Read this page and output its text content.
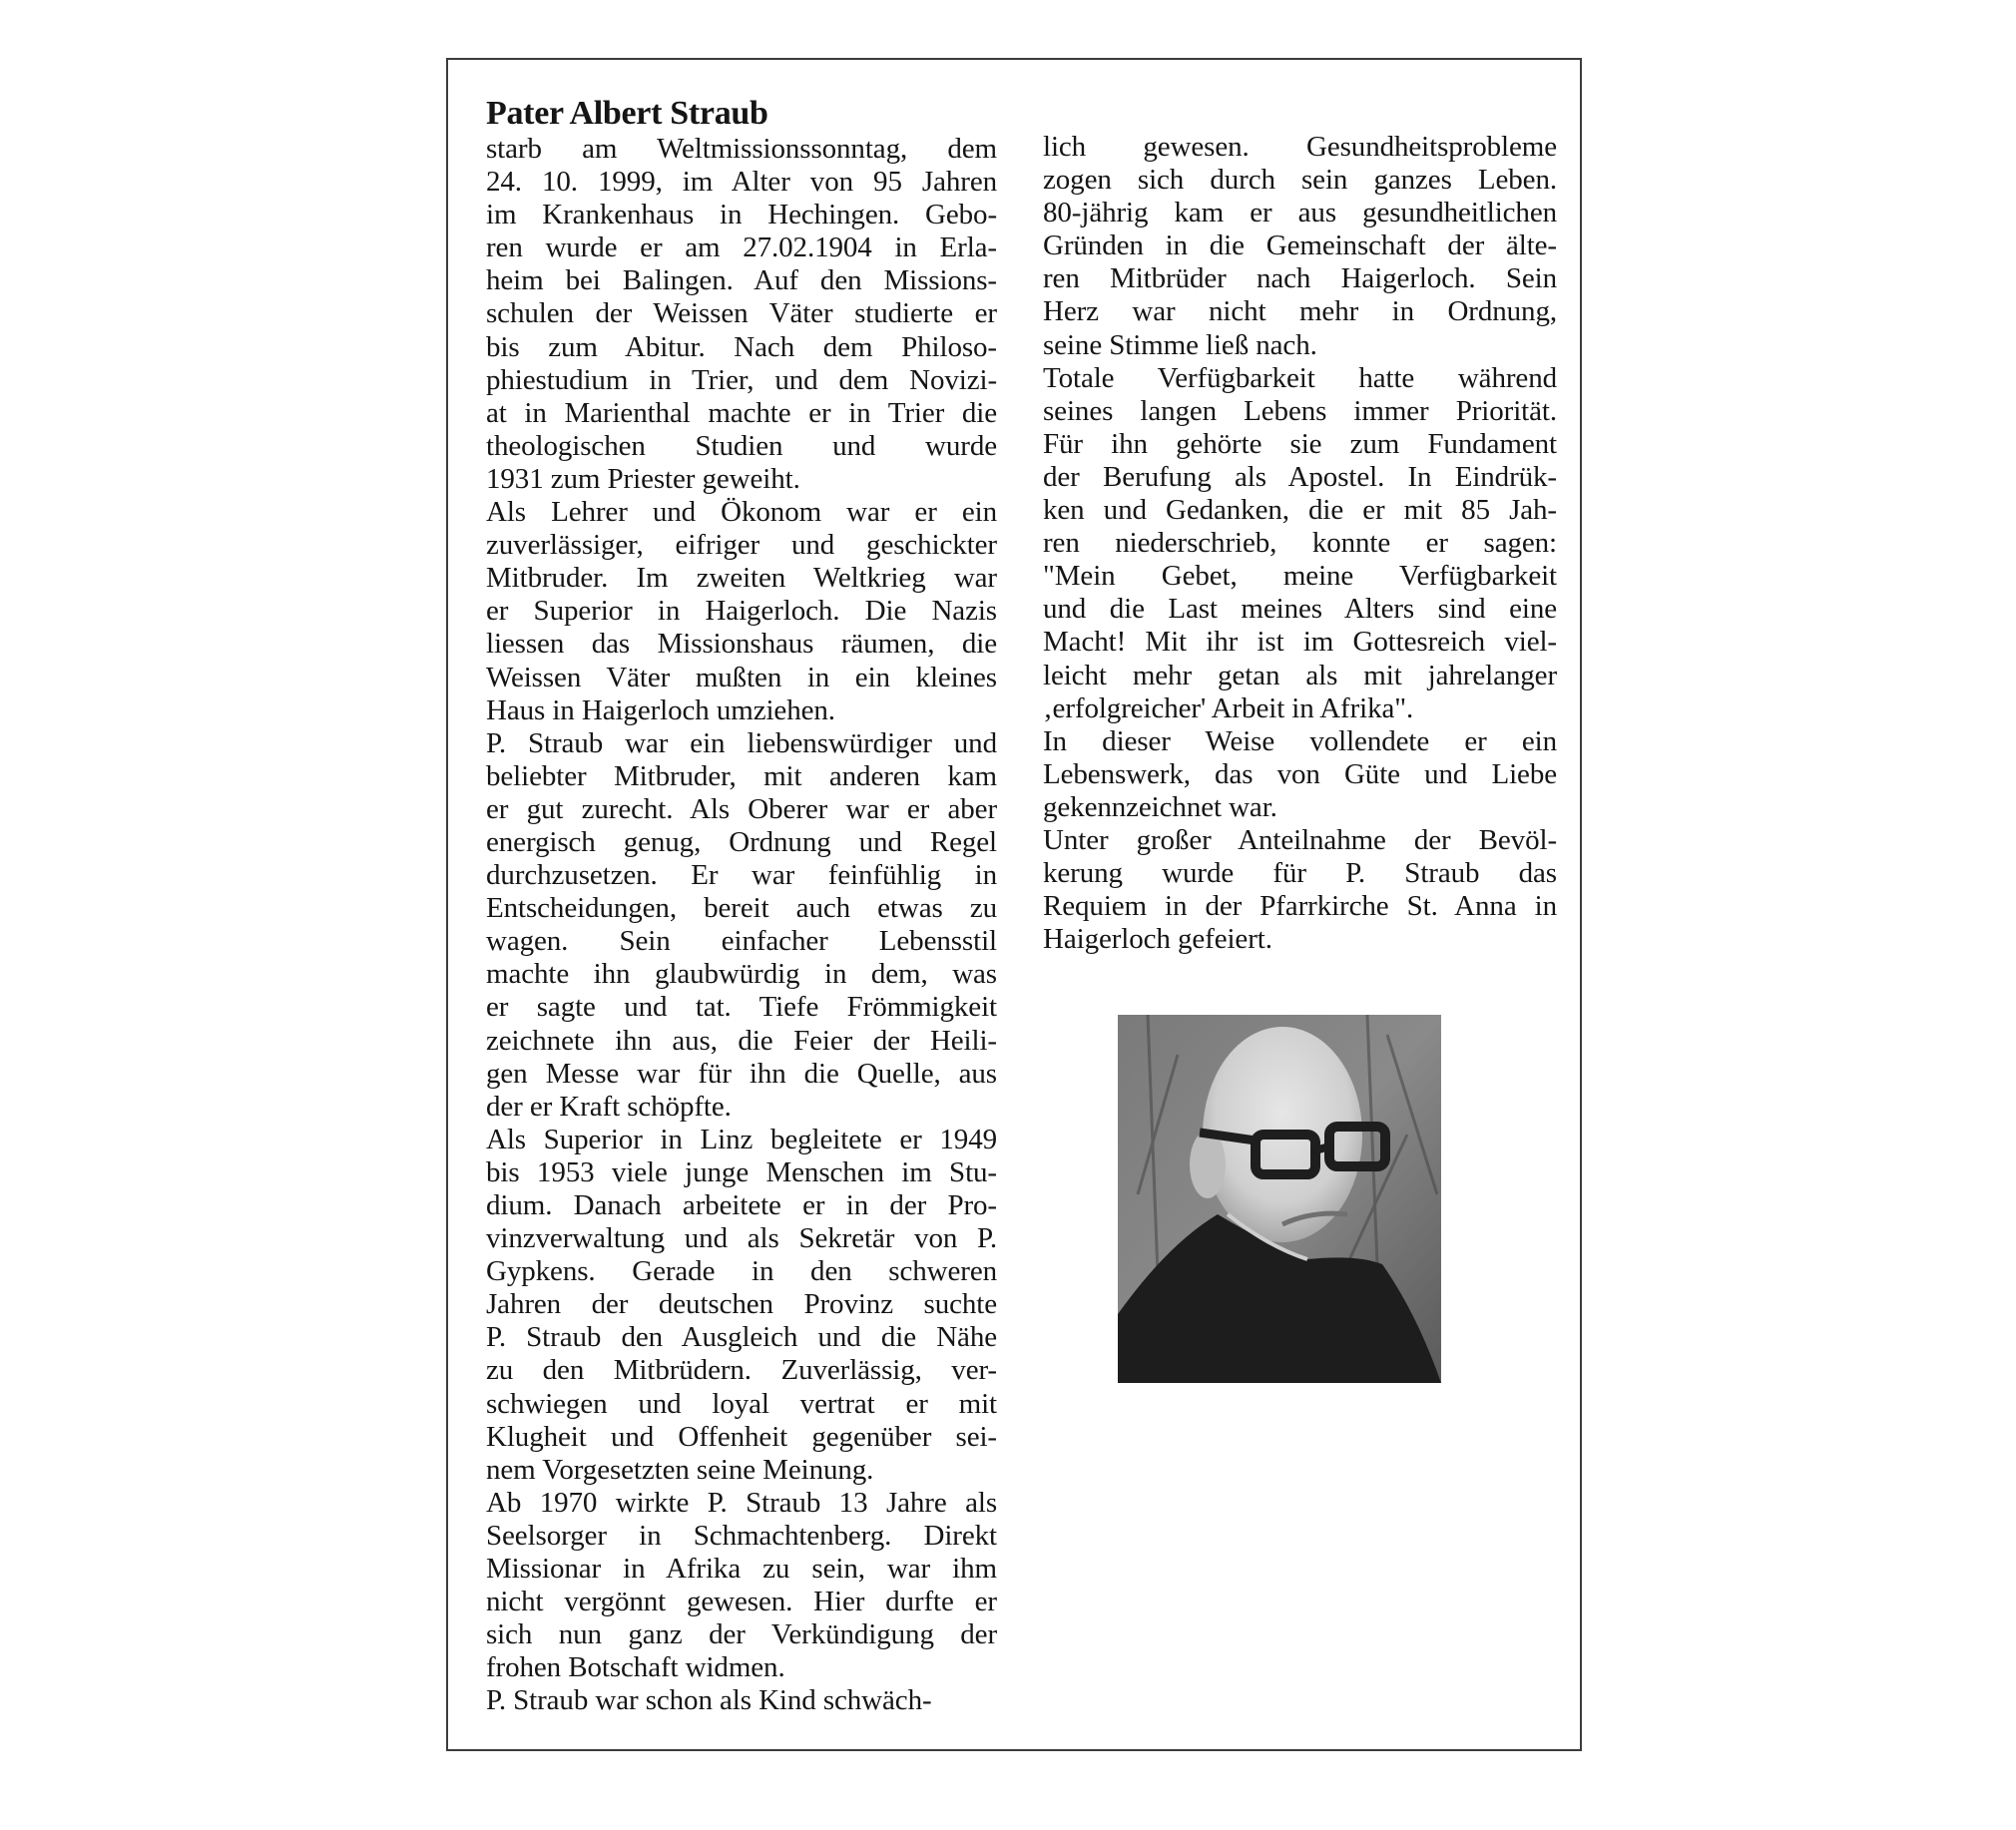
Pater Albert Straub
starb am Weltmissionssonntag, dem
24. 10. 1999, im Alter von 95 Jahren
im Krankenhaus in Hechingen. Gebo-
ren wurde er am 27.02.1904 in Erla-
heim bei Balingen. Auf den Missions-
schulen der Weissen Väter studierte er
bis zum Abitur. Nach dem Philoso-
phiestudium in Trier, und dem Novizi-
at in Marienthal machte er in Trier die
theologischen Studien und wurde
1931 zum Priester geweiht.
Als Lehrer und Ökonom war er ein
zuverlässiger, eifriger und geschickter
Mitbruder. Im zweiten Weltkrieg war
er Superior in Haigerloch. Die Nazis
liessen das Missionshaus räumen, die
Weissen Väter mußten in ein kleines
Haus in Haigerloch umziehen.
P. Straub war ein liebenswürdiger und
beliebter Mitbruder, mit anderen kam
er gut zurecht. Als Oberer war er aber
energisch genug, Ordnung und Regel
durchzusetzen. Er war feinfühlig in
Entscheidungen, bereit auch etwas zu
wagen. Sein einfacher Lebensstil
machte ihn glaubwürdig in dem, was
er sagte und tat. Tiefe Frömmigkeit
zeichnete ihn aus, die Feier der Heili-
gen Messe war für ihn die Quelle, aus
der er Kraft schöpfte.
Als Superior in Linz begleitete er 1949
bis 1953 viele junge Menschen im Stu-
dium. Danach arbeitete er in der Pro-
vinzverwaltung und als Sekretär von P.
Gypkens. Gerade in den schweren
Jahren der deutschen Provinz suchte
P. Straub den Ausgleich und die Nähe
zu den Mitbrüdern. Zuverlässig, ver-
schwiegen und loyal vertrat er mit
Klugheit und Offenheit gegenüber sei-
nem Vorgesetzten seine Meinung.
Ab 1970 wirkte P. Straub 13 Jahre als
Seelsorger in Schmachtenberg. Direkt
Missionar in Afrika zu sein, war ihm
nicht vergönnt gewesen. Hier durfte er
sich nun ganz der Verkündigung der
frohen Botschaft widmen.
P. Straub war schon als Kind schwäch-
lich gewesen. Gesundheitsprobleme
zogen sich durch sein ganzes Leben.
80-jährig kam er aus gesundheitlichen
Gründen in die Gemeinschaft der älte-
ren Mitbrüder nach Haigerloch. Sein
Herz war nicht mehr in Ordnung,
seine Stimme ließ nach.
Totale Verfügbarkeit hatte während
seines langen Lebens immer Priorität.
Für ihn gehörte sie zum Fundament
der Berufung als Apostel. In Eindrük-
ken und Gedanken, die er mit 85 Jah-
ren niederschrieb, konnte er sagen:
"Mein Gebet, meine Verfügbarkeit
und die Last meines Alters sind eine
Macht! Mit ihr ist im Gottesreich viel-
leicht mehr getan als mit jahrelanger
‚erfolgreicher' Arbeit in Afrika".
In dieser Weise vollendete er ein
Lebenswerk, das von Güte und Liebe
gekennzeichnet war.
Unter großer Anteilnahme der Bevöl-
kerung wurde für P. Straub das
Requiem in der Pfarrkirche St. Anna in
Haigerloch gefeiert.
